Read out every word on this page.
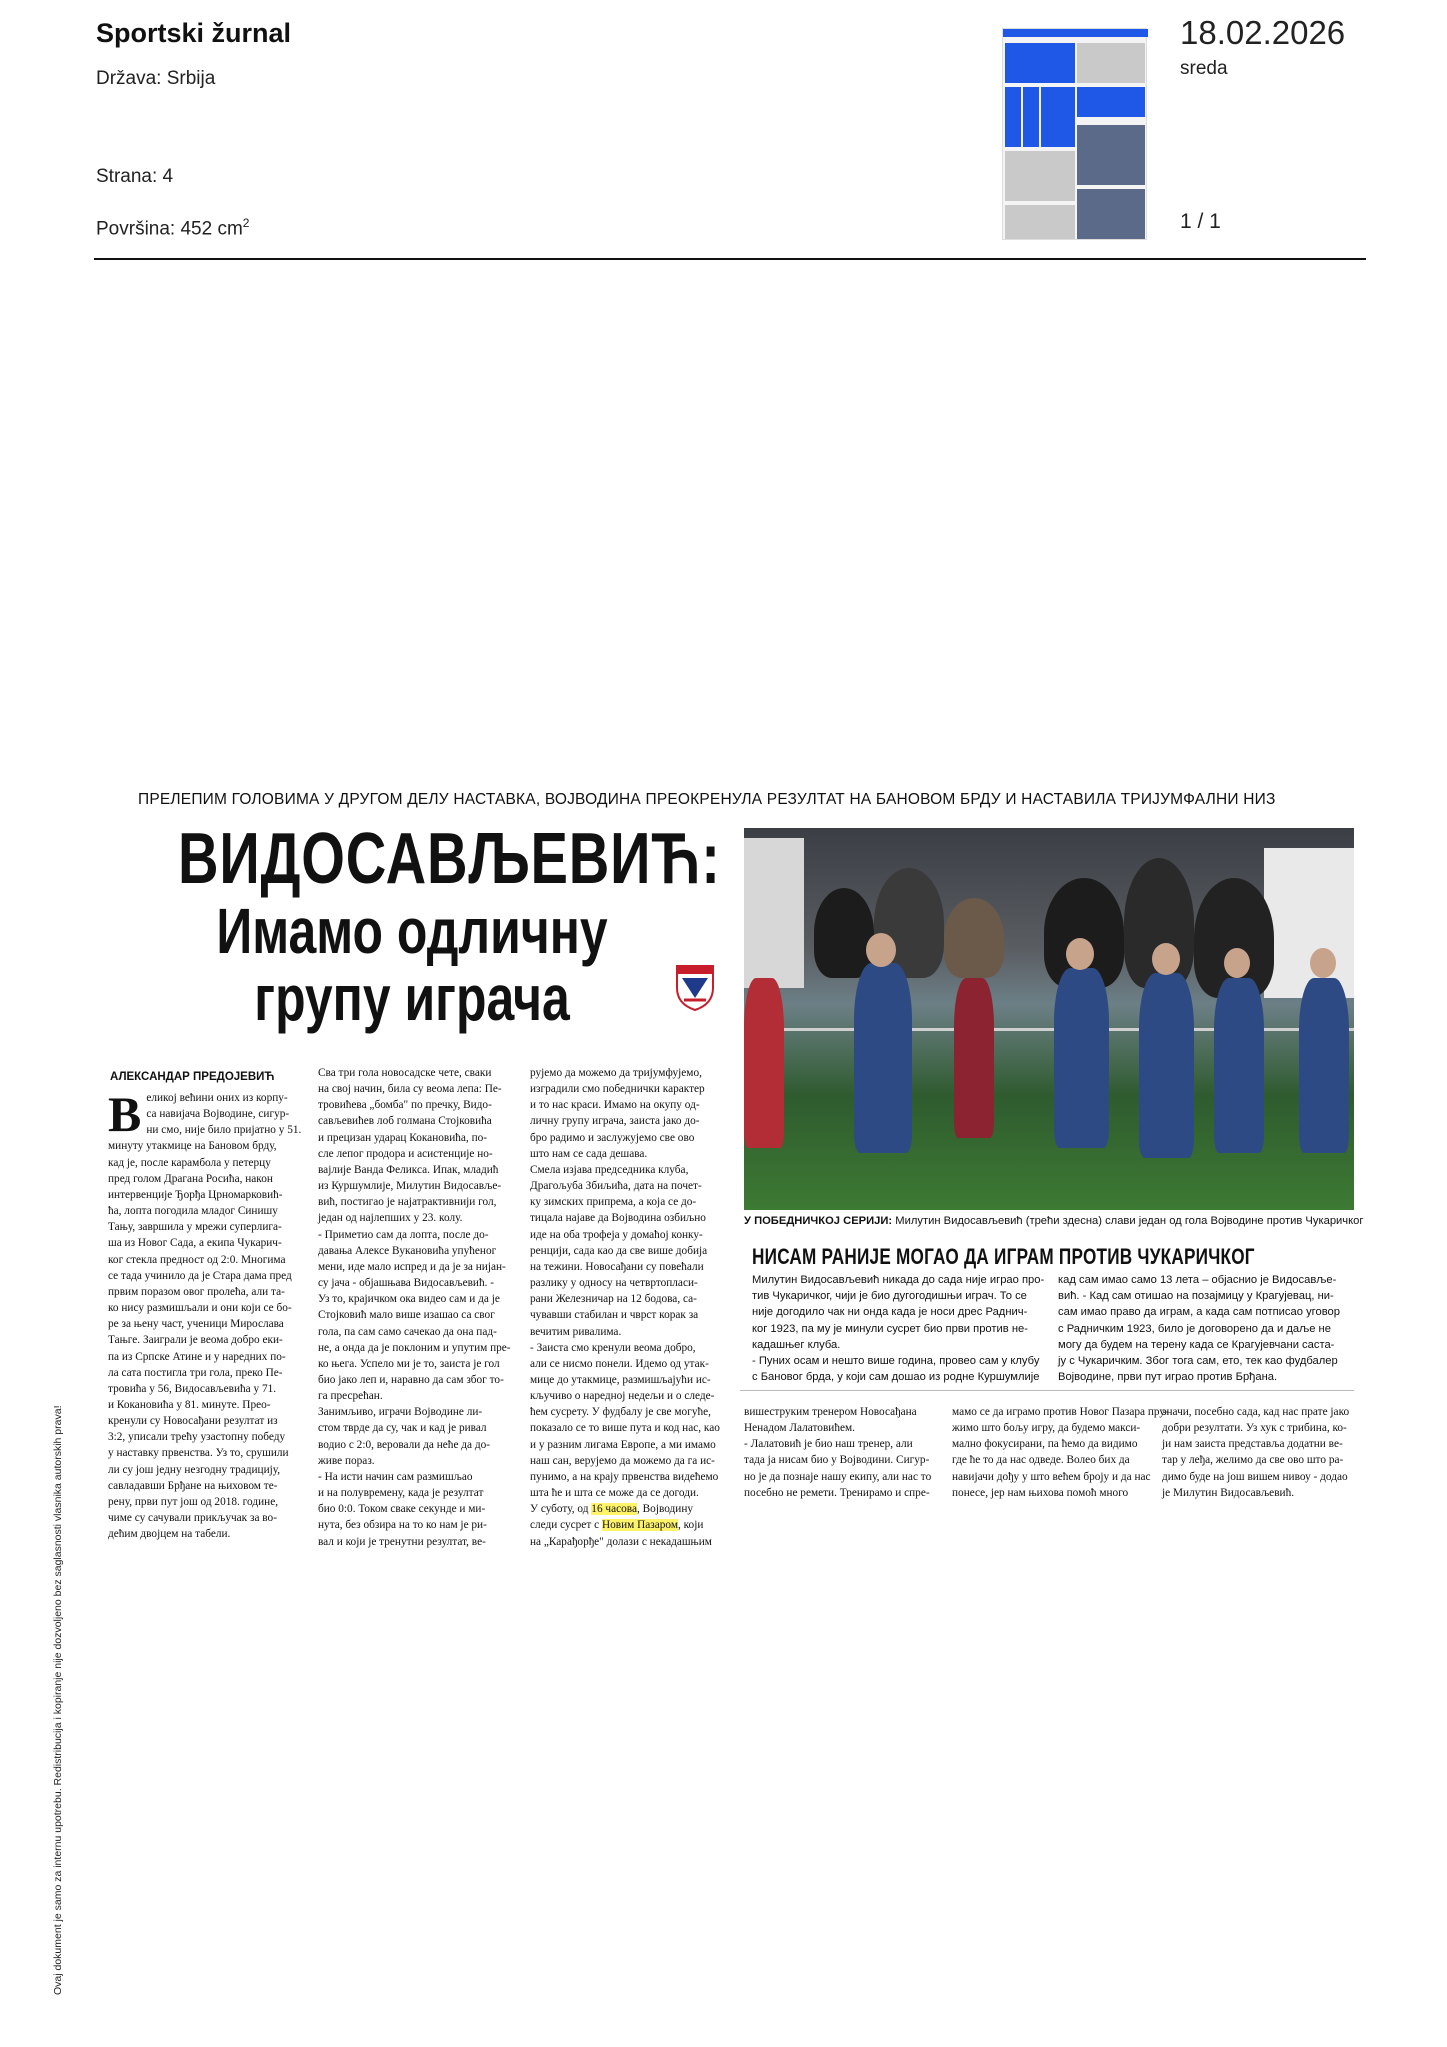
Sportski žurnal
Država: Srbija
Strana: 4
Površina: 452 $cm^2$
18.02.2026
sreda
1 / 1
Ovaj dokument je samo za internu upotrebu. Redistribucija i kopiranje nije dozvoljeno bez saglasnosti vlasnika autorskih prava!
ПРЕЛЕПИМ ГОЛОВИМА У ДРУГОМ ДЕЛУ НАСТАВКА, ВОЈВОДИНА ПРЕОКРЕНУЛА РЕЗУЛТАТ НА БАНОВОМ БРДУ И НАСТАВИЛА ТРИЈУМФАЛНИ НИЗ
ВИДОСАВЉЕВИЋ:
Имамо одличну
групу играча
У ПОБЕДНИЧКОЈ СЕРИЈИ: Милутин Видосављевић (трећи здесна) слави један од гола Војводине против Чукаричког
АЛЕКСАНДАР ПРЕДОЈЕВИЋ
В еликој већини оних из корпу-
са навијача Војводине, сигур-
ни смо, није било пријатно у 51.
минуту утакмице на Бановом брду,
кад је, после карамбола у петерцу
пред голом Драгана Росића, након
интервенције Ђорђа Црномарковић-
ћа, лопта погодила младог Синишу
Тању, завршила у мрежи суперлига-
ша из Новог Сада, а екипа Чукарич-
ког стекла предност од 2:0. Многима
се тада учинило да је Стара дама пред
првим поразом овог пролећа, али та-
ко нису размишљали и они који се бо-
ре за њену част, ученици Мирослава
Тањге. Заиграли је веома добро еки-
па из Српске Атине и у наредних по-
ла сата постигла три гола, преко Пе-
тровића у 56, Видосављевића у 71.
и Кокановића у 81. минуте. Прео-
кренули су Новосађани резултат из
3:2, уписали трећу узастопну победу
у наставку првенства. Уз то, срушили
ли су још једну незгодну традицију,
савладавши Брђане на њиховом те-
рену, први пут још од 2018. године,
чиме су сачували прикључак за во-
дећим двојцем на табели.
Сва три гола новосадске чете, сваки
на свој начин, била су веома лепа: Пе-
тровићева „бомба" по пречку, Видо-
сављевићев лоб голмана Стојковића
и прецизан ударац Кокановића, по-
сле лепог продора и асистенције но-
вајлије Ванда Феликса. Ипак, младић
из Куршумлије, Милутин Видосавље-
вић, постигао је најатрактивнији гол,
један од најлепших у 23. колу.
- Приметио сам да лопта, после до-
давања Алексе Вукановића упућеног
мени, иде мало испред и да је за нијан-
су јача - објашњава Видосављевић. -
Уз то, крајичком ока видео сам и да је
Стојковић мало више изашао са свог
гола, па сам само сачекао да она пад-
не, а онда да је поклоним и упутим пре-
ко њега. Успело ми је то, заиста је гол
био јако леп и, наравно да сам због то-
га пресрећан.
Занимљиво, играчи Војводине ли-
стом тврде да су, чак и кад је ривал
водио с 2:0, веровали да неће да до-
живе пораз.
- На исти начин сам размишљао
и на полувремену, када је резултат
био 0:0. Током сваке секунде и ми-
нута, без обзира на то ко нам је ри-
вал и који је тренутни резултат, ве-
рујемо да можемо да тријумфујемо,
изградили смо победнички карактер
и то нас краси. Имамо на окупу од-
личну групу играча, заиста јако до-
бро радимо и заслужујемо све ово
што нам се сада дешава.
Смела изјава председника клуба,
Драгољуба Збиљића, дата на почет-
ку зимских припрема, а која се до-
тицала најаве да Војводина озбиљно
иде на оба трофеја у домаћој конку-
ренцији, сада као да све више добија
на тежини. Новосађани су повећали
разлику у односу на четвртопласи-
рани Железничар на 12 бодова, са-
чувавши стабилан и чврст корак за
вечитим ривалима.
- Заиста смо кренули веома добро,
али се нисмо понели. Идемо од утак-
мице до утакмице, размишљајући ис-
кључиво о наредној недељи и о следе-
ћем сусрету. У фудбалу је све могуће,
показало се то више пута и код нас, као
и у разним лигама Европе, а ми имамо
наш сан, верујемо да можемо да га ис-
пунимо, а на крају првенства видећемо
шта ће и шта се може да се догоди.
У суботу, од 16 часова, Војводину
следи сусрет с Новим Пазаром, који
на „Карађорђе" долази с некадашњим
НИСАМ РАНИЈЕ МОГАО ДА ИГРАМ ПРОТИВ ЧУКАРИЧКОГ
Милутин Видосављевић никада до сада није играо про-
тив Чукаричког, чији је био дугогодишњи играч. То се
није догодило чак ни онда када је носи дрес Раднич-
ког 1923, па му је минули сусрет био први против не-
кадашњег клуба.
- Пуних осам и нешто више година, провео сам у клубу
с Бановог брда, у који сам дошао из родне Куршумлије
кад сам имао само 13 лета – објасниo је Видосавље-
вић. - Кад сам отишао на позајмицу у Крагујевац, ни-
сам имао право да играм, а када сам потписао уговор
с Радничким 1923, било је договорено да и даље не
могу да будем на терену када се Крагујевчани саста-
ју с Чукаричким. Због тога сам, ето, тек као фудбалер
Војводине, први пут играо против Брђана.
вишеструким тренером Новосађана
Ненадом Лалатовићем.
- Лалатовић је био наш тренер, али
тада ја нисам био у Војводини. Сигур-
но је да познаје нашу екипу, али нас то
посебно не ремети. Тренирамо и спре-
мамо се да играмо против Новог Пазара пру-
жимо што бољу игру, да будемо макси-
мално фокусирани, па ћемо да видимо
где ће то да нас одведе. Волео бих да
навијачи дођу у што већем броју и да нас
понесе, јер нам њихова помоћ много
значи, посебно сада, кад нас прате јако
добри резултати. Уз хук с трибина, ко-
ји нам заиста представља додатни ве-
тар у леђа, желимо да све ово што ра-
димо буде на још вишем нивоу - додао
је Милутин Видосављевић.
